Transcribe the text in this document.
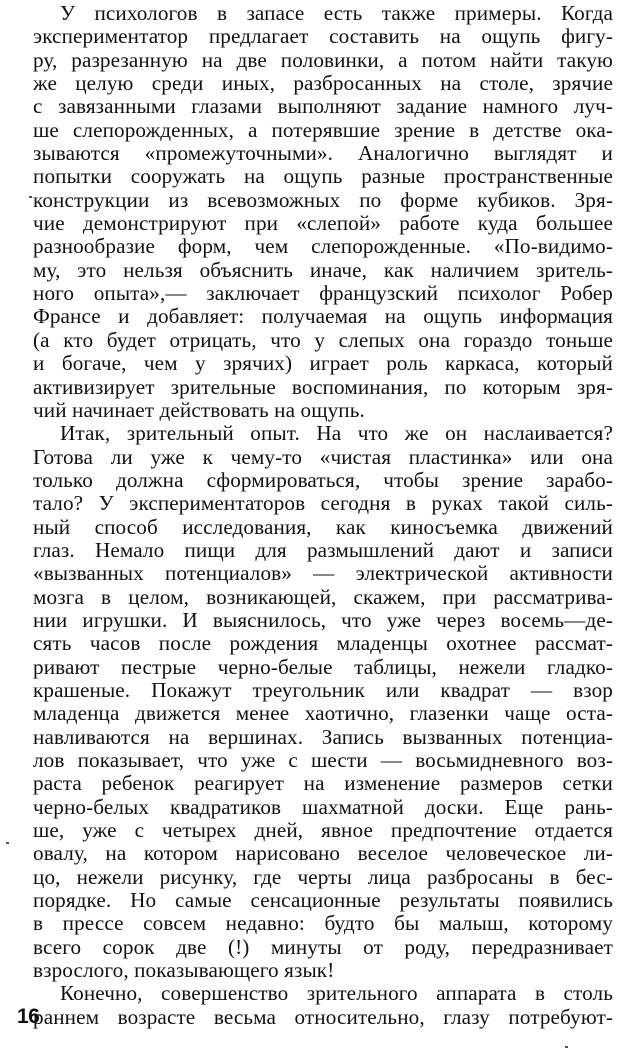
У психологов в запасе есть также примеры. Когда
экспериментатор предлагает составить на ощупь фигу-
ру, разрезанную на две половинки, а потом найти такую
же целую среди иных, разбросанных на столе, зрячие
с завязанными глазами выполняют задание намного луч-
ше слепорожденных, а потерявшие зрение в детстве ока-
зываются «промежуточными». Аналогично выглядят и
попытки сооружать на ощупь разные пространственные
конструкции из всевозможных по форме кубиков. Зря-
чие демонстрируют при «слепой» работе куда большее
разнообразие форм, чем слепорожденные. «По-видимо-
му, это нельзя объяснить иначе, как наличием зритель-
ного опыта»,— заключает французский психолог Робер
Франсе и добавляет: получаемая на ощупь информация
(а кто будет отрицать, что у слепых она гораздо тоньше
и богаче, чем у зрячих) играет роль каркаса, который
активизирует зрительные воспоминания, по которым зря-
чий начинает действовать на ощупь.
Итак, зрительный опыт. На что же он наслаивается?
Готова ли уже к чему-то «чистая пластинка» или она
только должна сформироваться, чтобы зрение зарабо-
тало? У экспериментаторов сегодня в руках такой силь-
ный способ исследования, как киносъемка движений
глаз. Немало пищи для размышлений дают и записи
«вызванных потенциалов» — электрической активности
мозга в целом, возникающей, скажем, при рассматрива-
нии игрушки. И выяснилось, что уже через восемь—де-
сять часов после рождения младенцы охотнее рассмат-
ривают пестрые черно-белые таблицы, нежели гладко-
крашеные. Покажут треугольник или квадрат — взор
младенца движется менее хаотично, глазенки чаще оста-
навливаются на вершинах. Запись вызванных потенциа-
лов показывает, что уже с шести — восьмидневного воз-
раста ребенок реагирует на изменение размеров сетки
черно-белых квадратиков шахматной доски. Еще рань-
ше, уже с четырех дней, явное предпочтение отдается
овалу, на котором нарисовано веселое человеческое ли-
цо, нежели рисунку, где черты лица разбросаны в бес-
порядке. Но самые сенсационные результаты появились
в прессе совсем недавно: будто бы малыш, которому
всего сорок две (!) минуты от роду, передразнивает
взрослого, показывающего язык!
Конечно, совершенство зрительного аппарата в столь
раннем возрасте весьма относительно, глазу потребуют-
16
